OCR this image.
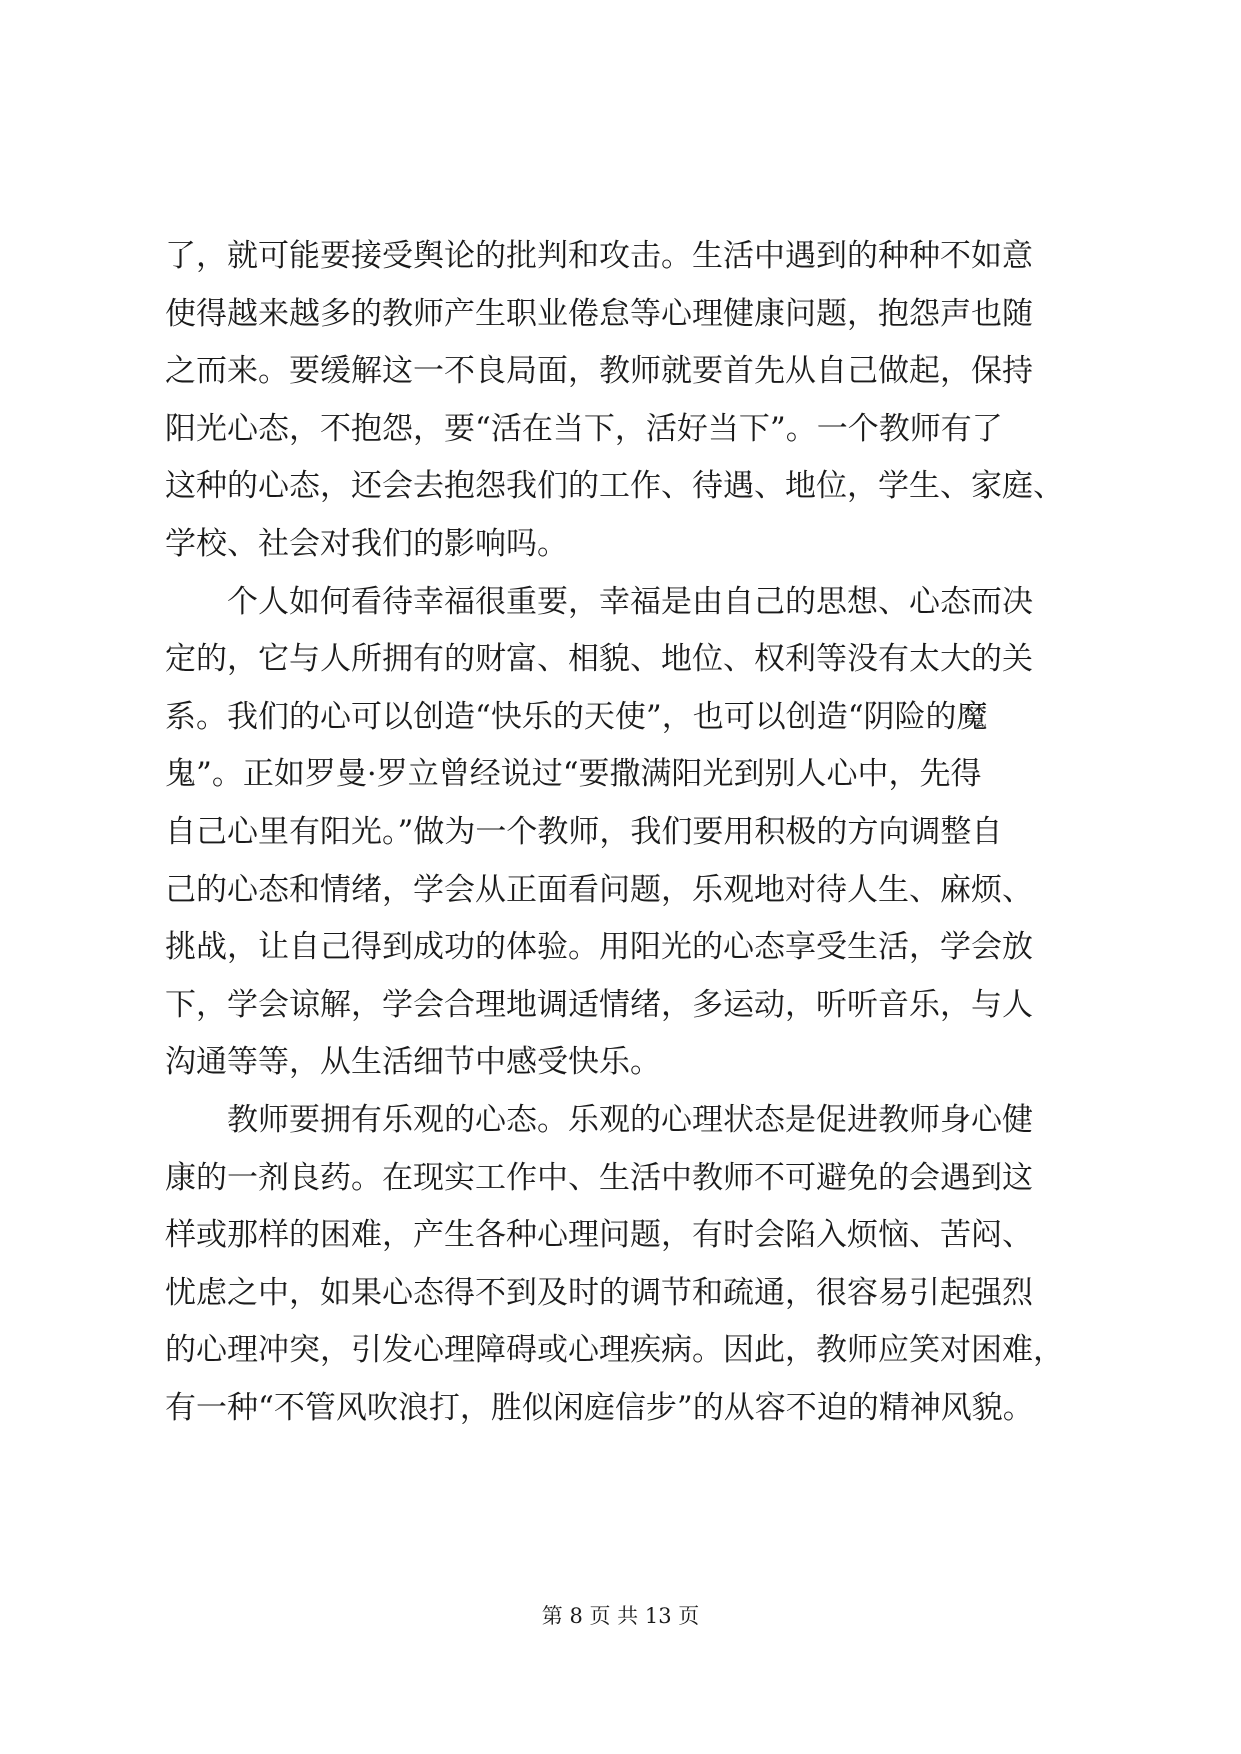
了，就可能要接受舆论的批判和攻击。生活中遇到的种种不如意
使得越来越多的教师产生职业倦怠等心理健康问题，抱怨声也随
之而来。要缓解这一不良局面，教师就要首先从自己做起，保持
阳光心态，不抱怨，要“活在当下，活好当下”。一个教师有了
这种的心态，还会去抱怨我们的工作、待遇、地位，学生、家庭、
学校、社会对我们的影响吗。
个人如何看待幸福很重要，幸福是由自己的思想、心态而决
定的，它与人所拥有的财富、相貌、地位、权利等没有太大的关
系。我们的心可以创造“快乐的天使”，也可以创造“阴险的魔
鬼”。正如罗曼·罗立曾经说过“要撒满阳光到别人心中，先得
自己心里有阳光。”做为一个教师，我们要用积极的方向调整自
己的心态和情绪，学会从正面看问题，乐观地对待人生、麻烦、
挑战，让自己得到成功的体验。用阳光的心态享受生活，学会放
下，学会谅解，学会合理地调适情绪，多运动，听听音乐，与人
沟通等等，从生活细节中感受快乐。
教师要拥有乐观的心态。乐观的心理状态是促进教师身心健
康的一剂良药。在现实工作中、生活中教师不可避免的会遇到这
样或那样的困难，产生各种心理问题，有时会陷入烦恼、苦闷、
忧虑之中，如果心态得不到及时的调节和疏通，很容易引起强烈
的心理冲突，引发心理障碍或心理疾病。因此，教师应笑对困难，
有一种“不管风吹浪打，胜似闲庭信步”的从容不迫的精神风貌。
第 8 页 共 13 页
